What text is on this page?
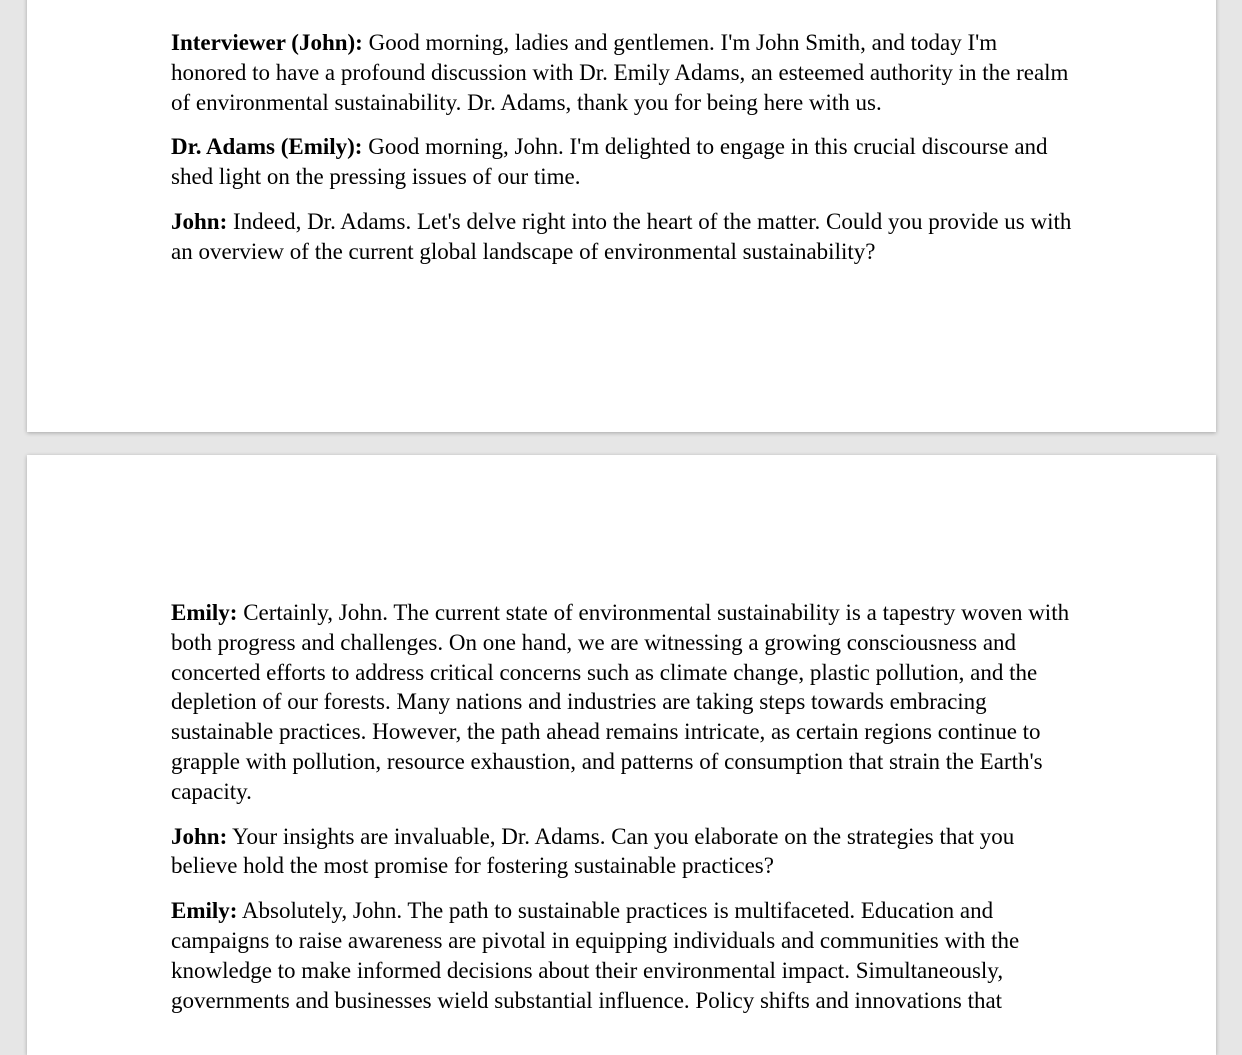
Interviewer (John): Good morning, ladies and gentlemen. I'm John Smith, and today I'm honored to have a profound discussion with Dr. Emily Adams, an esteemed authority in the realm of environmental sustainability. Dr. Adams, thank you for being here with us.

Dr. Adams (Emily): Good morning, John. I'm delighted to engage in this crucial discourse and shed light on the pressing issues of our time.

John: Indeed, Dr. Adams. Let's delve right into the heart of the matter. Could you provide us with an overview of the current global landscape of environmental sustainability?

Emily: Certainly, John. The current state of environmental sustainability is a tapestry woven with both progress and challenges. On one hand, we are witnessing a growing consciousness and concerted efforts to address critical concerns such as climate change, plastic pollution, and the depletion of our forests. Many nations and industries are taking steps towards embracing sustainable practices. However, the path ahead remains intricate, as certain regions continue to grapple with pollution, resource exhaustion, and patterns of consumption that strain the Earth's capacity.

John: Your insights are invaluable, Dr. Adams. Can you elaborate on the strategies that you believe hold the most promise for fostering sustainable practices?

Emily: Absolutely, John. The path to sustainable practices is multifaceted. Education and campaigns to raise awareness are pivotal in equipping individuals and communities with the knowledge to make informed decisions about their environmental impact. Simultaneously, governments and businesses wield substantial influence. Policy shifts and innovations that
